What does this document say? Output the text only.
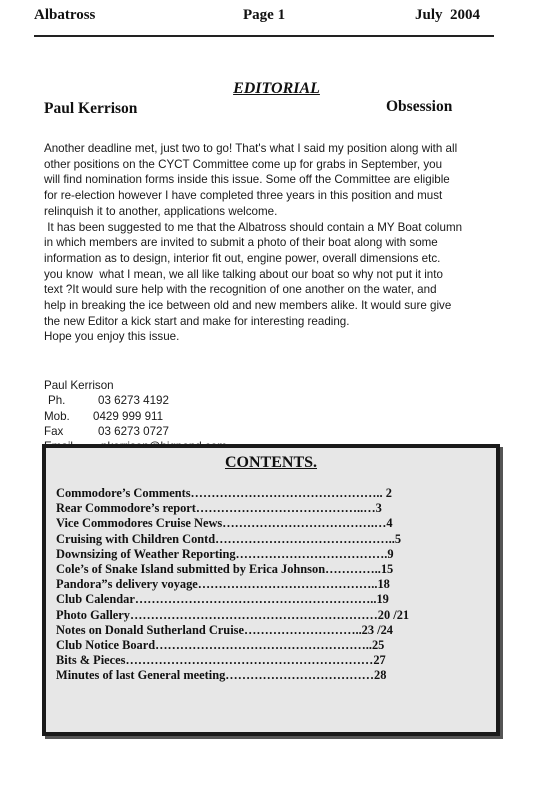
Albatross	Page 1	July  2004
EDITORIAL
Paul Kerrison	Obsession

Another deadline met, just two to go! That's what I said my position along with all

other positions on the CYCT Committee come up for grabs in September, you

will find nomination forms inside this issue. Some off the Committee are eligible

for re-election however I have completed three years in this position and must

relinquish it to another, applications welcome.

It has been suggested to me that the Albatross should contain a MY Boat column

in which members are invited to submit a photo of their boat along with some

information as to design, interior fit out, engine power, overall dimensions etc.

you know  what I mean, we all like talking about our boat so why not put it into

text ?It would sure help with the recognition of one another on the water, and

help in breaking the ice between old and new members alike. It would sure give

the new Editor a kick start and make for interesting reading.

Hope you enjoy this issue.

Paul Kerrison
Ph.	03 6273 4192
Mob. 0429 999 911
Fax	03 6273 0727
CONTENTS.
Commodore’s Comments……………………………………….. 2
Rear Commodore’s report…………………………………..…3
Vice Commodores Cruise News……………………………….…4
Cruising with Children Contd……………………………………..5
Downsizing of Weather Reporting……………………………….9
Cole’s of Snake Island submitted by Erica Johnson…………..15
Pandora”s delivery voyage……………………………………..18
Club Calendar…………………………………………………..19
Photo Gallery……………………………………………………20 /21
Notes on Donald Sutherland Cruise………………………..23 /24
Club Notice Board……………………………………………..25
Bits & Pieces……………………………………………………27
Minutes of last General meeting………………………………28
